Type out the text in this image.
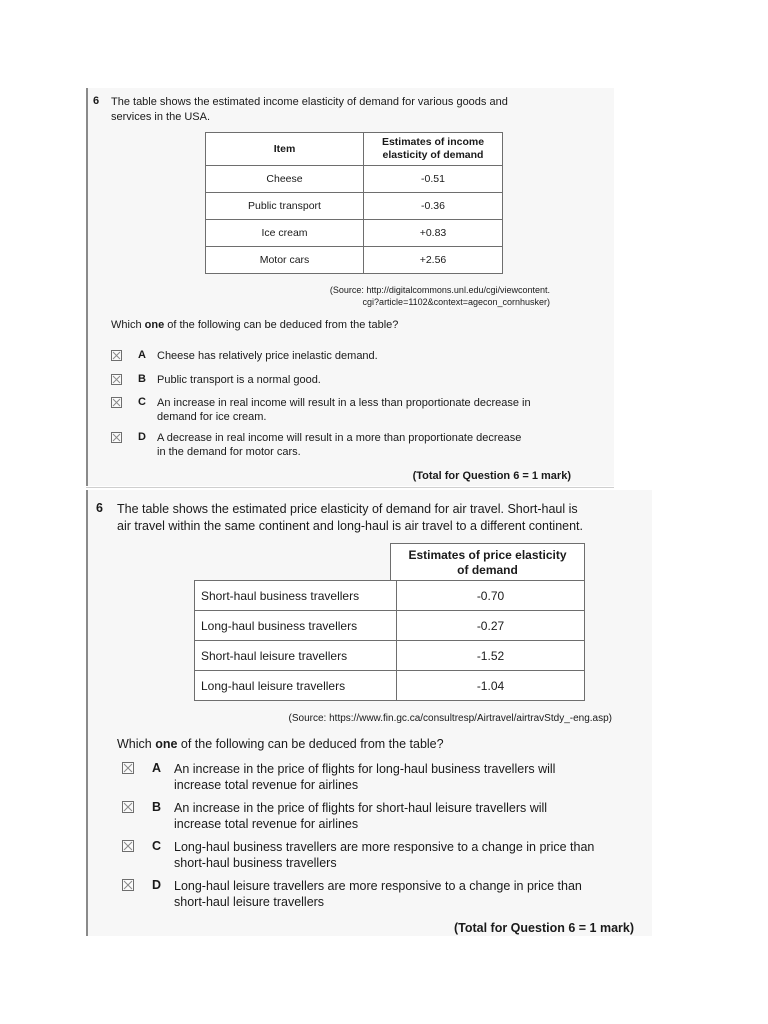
6 The table shows the estimated income elasticity of demand for various goods and
services in the USA.
Item	Estimates of income
elasticity of demand

Cheese	-0.51
Public transport	-0.36
Ice cream	+0.83
Motor cars	+2.56
(Source: http://digitalcommons.unl.edu/cgi/viewcontent.
cgi?article=1102&context=agecon_cornhusker)
Which one of the following can be deduced from the table?
A Cheese has relatively price inelastic demand.
B Public transport is a normal good.
C An increase in real income will result in a less than proportionate decrease in
demand for ice cream.
D A decrease in real income will result in a more than proportionate decrease
in the demand for motor cars.
(Total for Question 6 = 1 mark)
6 The table shows the estimated price elasticity of demand for air travel. Short-haul is
air travel within the same continent and long-haul is air travel to a different continent.
Estimates of price elasticity
of demand
Short-haul business travellers	-0.70
Long-haul business travellers	-0.27
Short-haul leisure travellers	-1.52
Long-haul leisure travellers	-1.04
(Source: https://www.fin.gc.ca/consultresp/Airtravel/airtravStdy_-eng.asp)
Which one of the following can be deduced from the table?
A An increase in the price of flights for long-haul business travellers will
increase total revenue for airlines
B An increase in the price of flights for short-haul leisure travellers will
increase total revenue for airlines
C Long-haul business travellers are more responsive to a change in price than
short-haul business travellers
D Long-haul leisure travellers are more responsive to a change in price than
short-haul leisure travellers
(Total for Question 6 = 1 mark)
